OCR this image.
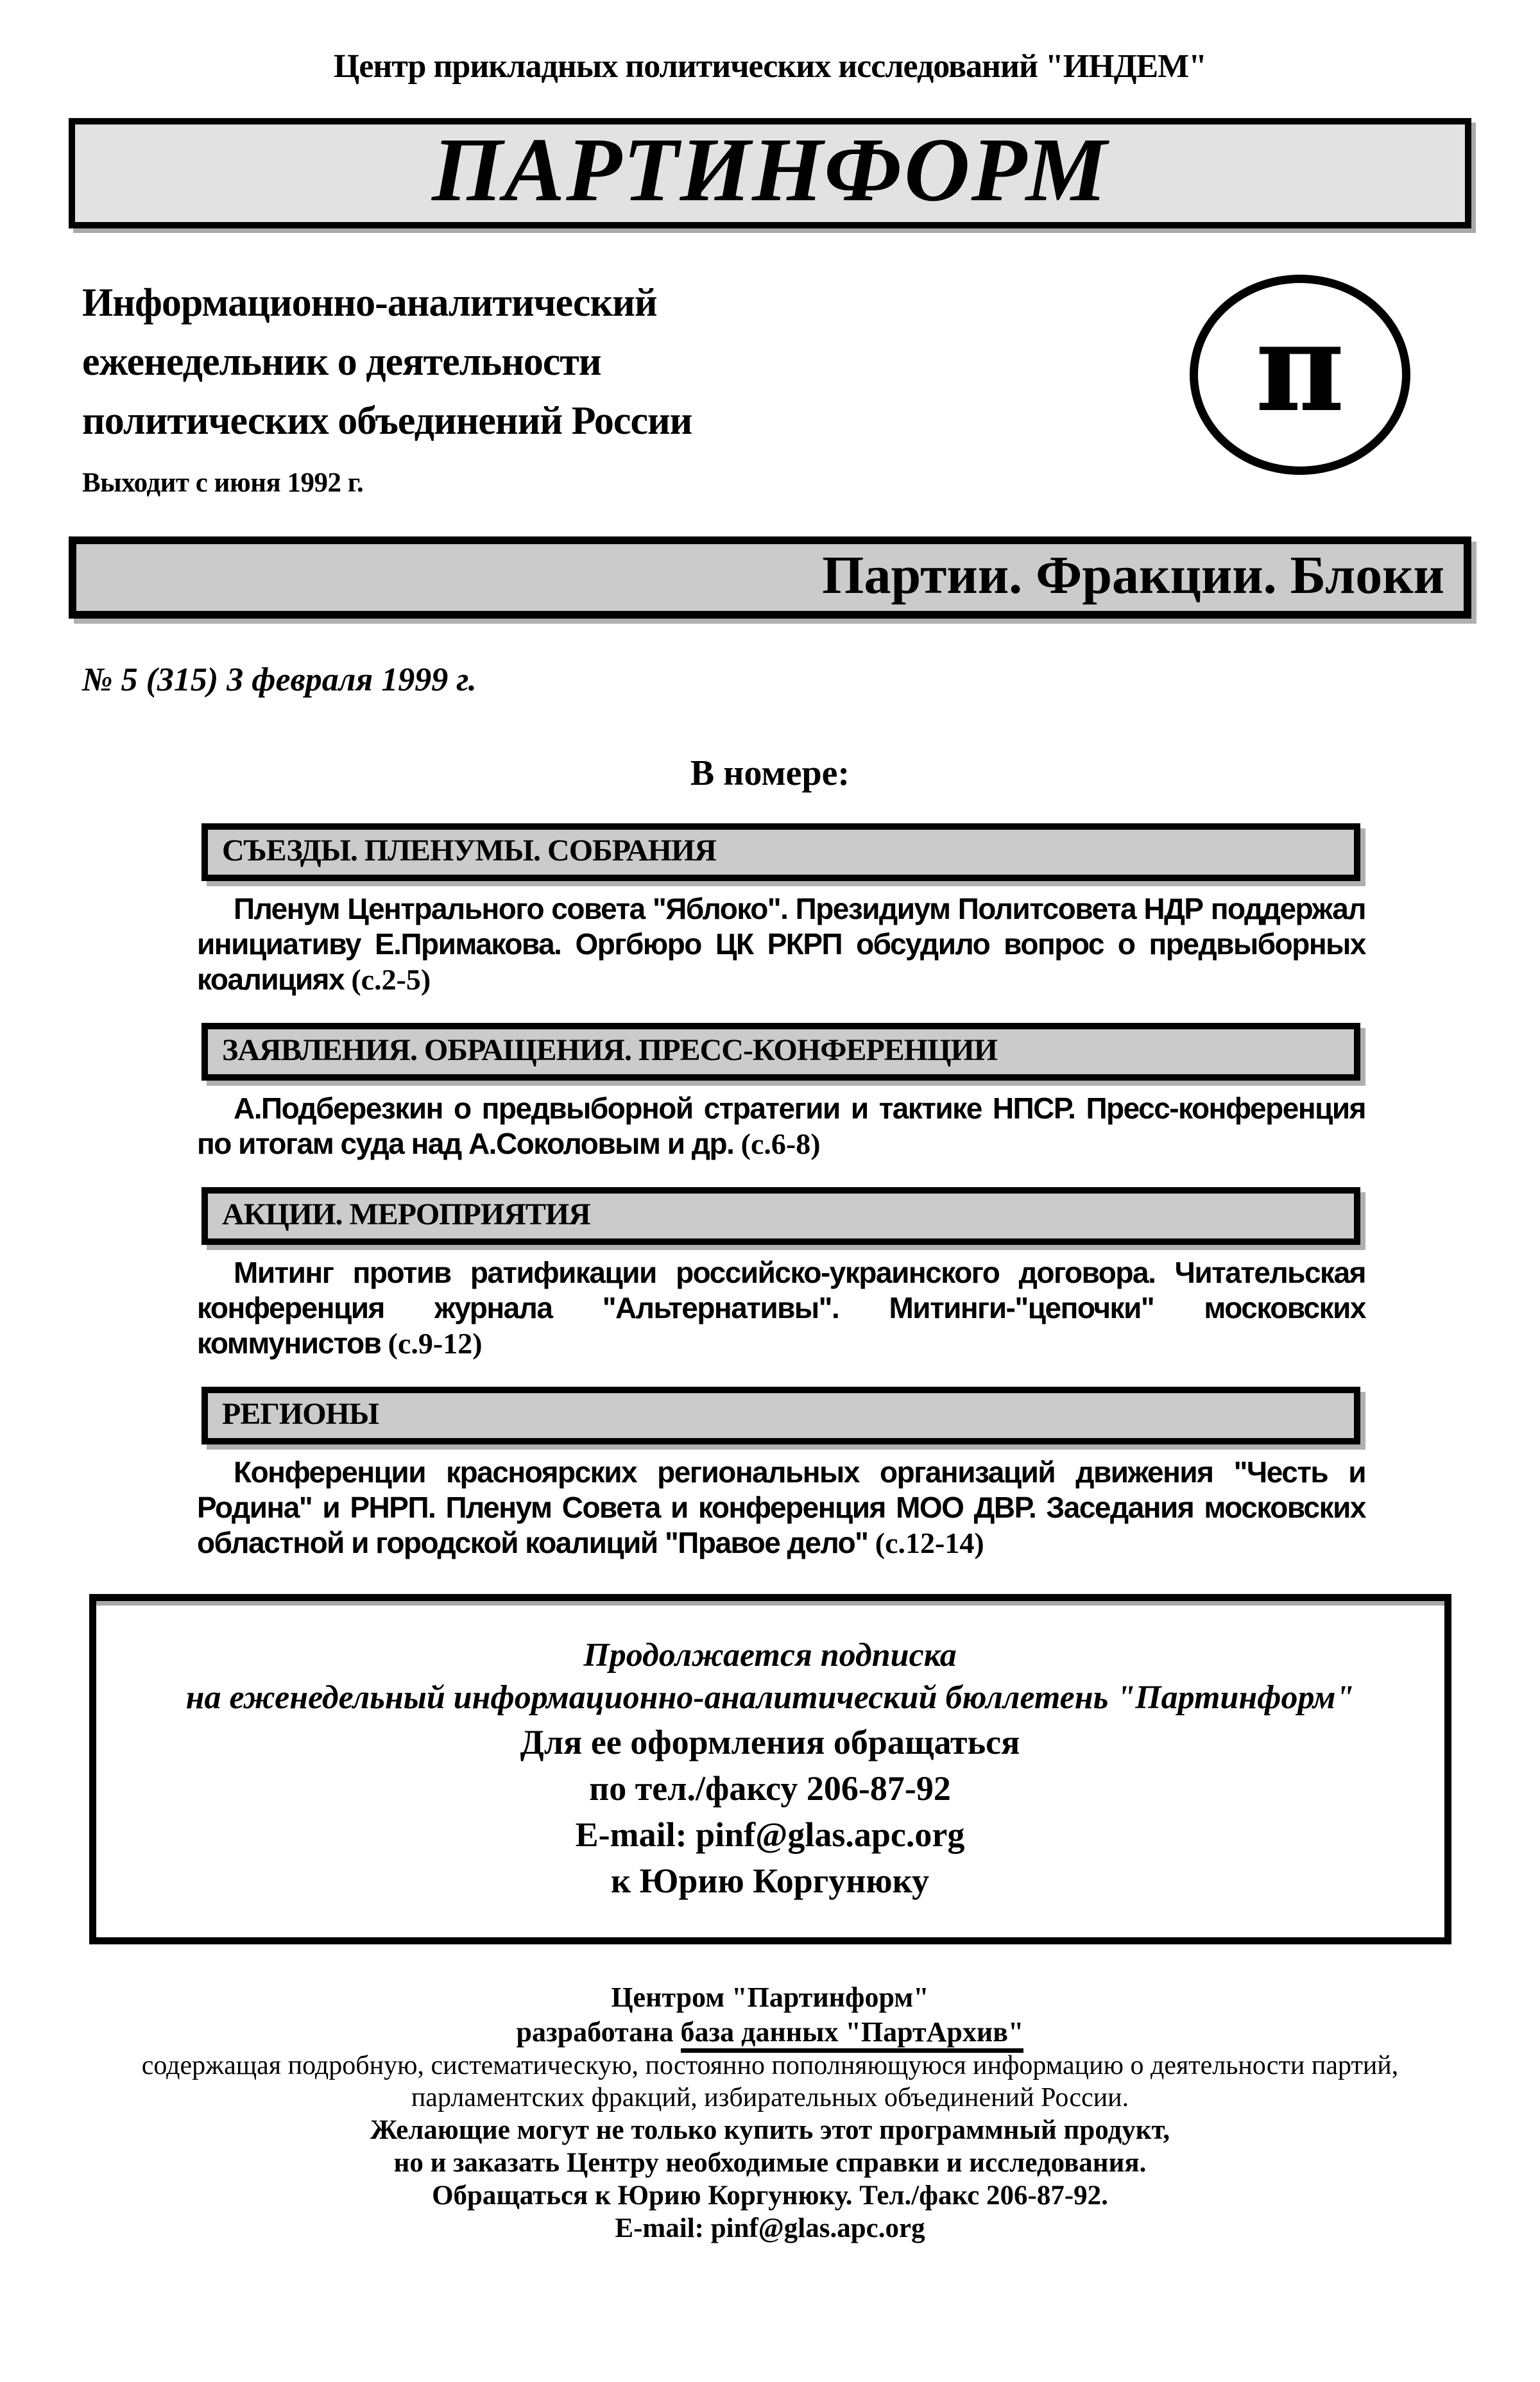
Центр прикладных политических исследований "ИНДЕМ"
ПАРТИНФОРМ
Информационно-аналитический
еженедельник о деятельности
политических объединений России
Выходит с июня 1992 г.
π
Партии. Фракции. Блоки
№ 5 (315) 3 февраля 1999 г.
В номере:
СЪЕЗДЫ. ПЛЕНУМЫ. СОБРАНИЯ

Пленум Центрального совета "Яблоко". Президиум Политсовета НДР поддержал инициативу Е.Примакова. Оргбюро ЦК РКРП обсудило вопрос о предвыборных коалициях (с.2-5)

ЗАЯВЛЕНИЯ. ОБРАЩЕНИЯ. ПРЕСС-КОНФЕРЕНЦИИ

А.Подберезкин о предвыборной стратегии и тактике НПСР. Пресс-конференция по итогам суда над А.Соколовым и др. (с.6-8)

АКЦИИ. МЕРОПРИЯТИЯ

Митинг против ратификации российско-украинского договора. Читательская конференция журнала "Альтернативы". Митинги-"цепочки" московских коммунистов (с.9-12)

РЕГИОНЫ

Конференции красноярских региональных организаций движения "Честь и Родина" и РНРП. Пленум Совета и конференция МОО ДВР. Заседания московских областной и городской коалиций "Правое дело" (с.12-14)

Продолжается подписка
на еженедельный информационно-аналитический бюллетень "Партинформ"
Для ее оформления обращаться
по тел./факсу 206-87-92
E-mail: pinf@glas.apc.org
к Юрию Коргунюку
Центром "Партинформ"
разработана база данных "ПартАрхив"
содержащая подробную, систематическую, постоянно пополняющуюся информацию о деятельности партий,
парламентских фракций, избирательных объединений России.
Желающие могут не только купить этот программный продукт,
но и заказать Центру необходимые справки и исследования.
Обращаться к Юрию Коргунюку. Тел./факс 206-87-92.
E-mail: pinf@glas.apc.org
